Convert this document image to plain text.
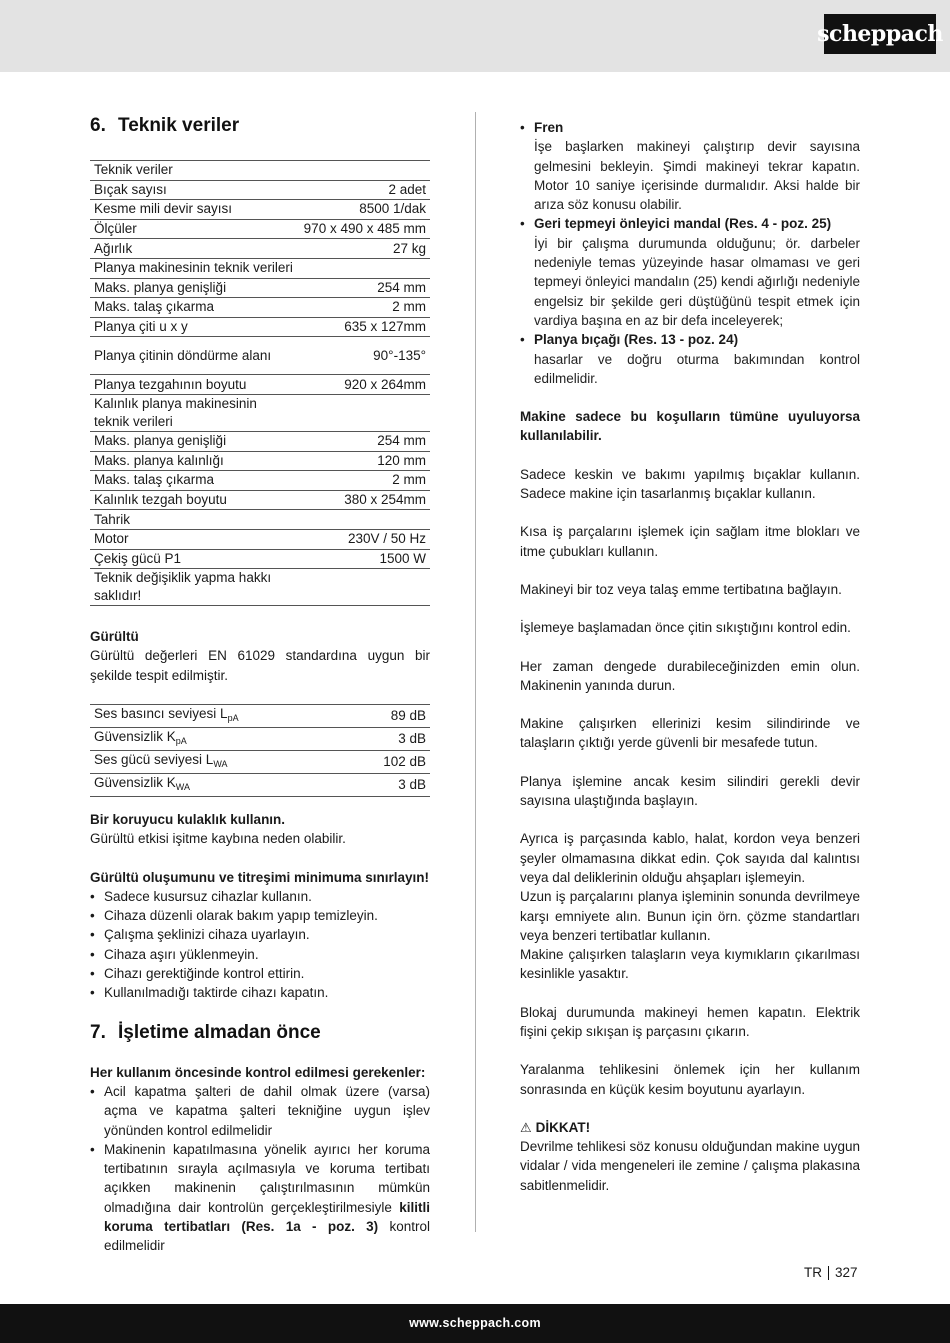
scheppach
6. Teknik veriler
Teknik veriler	
Bıçak sayısı	2 adet
Kesme mili devir sayısı	8500 1/dak
Ölçüler	970 x 490 x 485 mm
Ağırlık	27 kg
Planya makinesinin teknik verileri	
Maks. planya genişliği	254 mm
Maks. talaş çıkarma	2 mm
Planya çiti u x y	635 x 127mm
Planya çitinin döndürme alanı	90°-135°
Planya tezgahının boyutu	920 x 264mm
Kalınlık planya makinesinin teknik verileri	
Maks. planya genişliği	254 mm
Maks. planya kalınlığı	120 mm
Maks. talaş çıkarma	2 mm
Kalınlık tezgah boyutu	380 x 254mm
Tahrik	
Motor	230V / 50 Hz
Çekiş gücü P1	1500 W
Teknik değişiklik yapma hakkı saklıdır!	

Gürültü

Gürültü değerleri EN 61029 standardına uygun bir şekilde tespit edilmiştir.

Ses basıncı seviyesi $L_{pA}$	89 dB
Güvensizlik $K_{pA}$	3 dB
Ses gücü seviyesi $L_{WA}$	102 dB
Güvensizlik $K_{WA}$	3 dB

Bir koruyucu kulaklık kullanın.

Gürültü etkisi işitme kaybına neden olabilir.

Gürültü oluşumunu ve titreşimi minimuma sınırlayın!

• Sadece kusursuz cihazlar kullanın.
• Cihaza düzenli olarak bakım yapıp temizleyin.
• Çalışma şeklinizi cihaza uyarlayın.
• Cihaza aşırı yüklenmeyin.
• Cihazı gerektiğinde kontrol ettirin.
• Kullanılmadığı taktirde cihazı kapatın.
7. İşletime almadan önce

Her kullanım öncesinde kontrol edilmesi gerekenler:

• Acil kapatma şalteri de dahil olmak üzere (varsa) açma ve kapatma şalteri tekniğine uygun işlev yönünden kontrol edilmelidir
• Makinenin kapatılmasına yönelik ayırıcı her koruma tertibatının sırayla açılmasıyla ve koruma tertibatı açıkken makinenin çalıştırılmasının mümkün olmadığına dair kontrolün gerçekleştirilmesiyle kilitli koruma tertibatları (Res. 1a - poz. 3) kontrol edilmelidir
• Fren
İşe başlarken makineyi çalıştırıp devir sayısına gelmesini bekleyin. Şimdi makineyi tekrar kapatın. Motor 10 saniye içerisinde durmalıdır. Aksi halde bir arıza söz konusu olabilir.
• Geri tepmeyi önleyici mandal (Res. 4 - poz. 25)
İyi bir çalışma durumunda olduğunu; ör. darbeler nedeniyle temas yüzeyinde hasar olmaması ve geri tepmeyi önleyici mandalın (25) kendi ağırlığı nedeniyle engelsiz bir şekilde geri düştüğünü tespit etmek için vardiya başına en az bir defa inceleyerek;
• Planya bıçağı (Res. 13 - poz. 24)
hasarlar ve doğru oturma bakımından kontrol edilmelidir.

Makine sadece bu koşulların tümüne uyuluyorsa kullanılabilir.

Sadece keskin ve bakımı yapılmış bıçaklar kullanın. Sadece makine için tasarlanmış bıçaklar kullanın.

Kısa iş parçalarını işlemek için sağlam itme blokları ve itme çubukları kullanın.

Makineyi bir toz veya talaş emme tertibatına bağlayın.

İşlemeye başlamadan önce çitin sıkıştığını kontrol edin.

Her zaman dengede durabileceğinizden emin olun. Makinenin yanında durun.

Makine çalışırken ellerinizi kesim silindirinde ve talaşların çıktığı yerde güvenli bir mesafede tutun.

Planya işlemine ancak kesim silindiri gerekli devir sayısına ulaştığında başlayın.

Ayrıca iş parçasında kablo, halat, kordon veya benzeri şeyler olmamasına dikkat edin. Çok sayıda dal kalıntısı veya dal deliklerinin olduğu ahşapları işlemeyin.

Uzun iş parçalarını planya işleminin sonunda devrilmeye karşı emniyete alın. Bunun için örn. çözme standartları veya benzeri tertibatlar kullanın.

Makine çalışırken talaşların veya kıymıkların çıkarılması kesinlikle yasaktır.

Blokaj durumunda makineyi hemen kapatın. Elektrik fişini çekip sıkışan iş parçasını çıkarın.

Yaralanma tehlikesini önlemek için her kullanım sonrasında en küçük kesim boyutunu ayarlayın.

⚠ DİKKAT!

Devrilme tehlikesi söz konusu olduğundan makine uygun vidalar / vida mengeneleri ile zemine / çalışma plakasına sabitlenmelidir.

TR 327
www.scheppach.com
